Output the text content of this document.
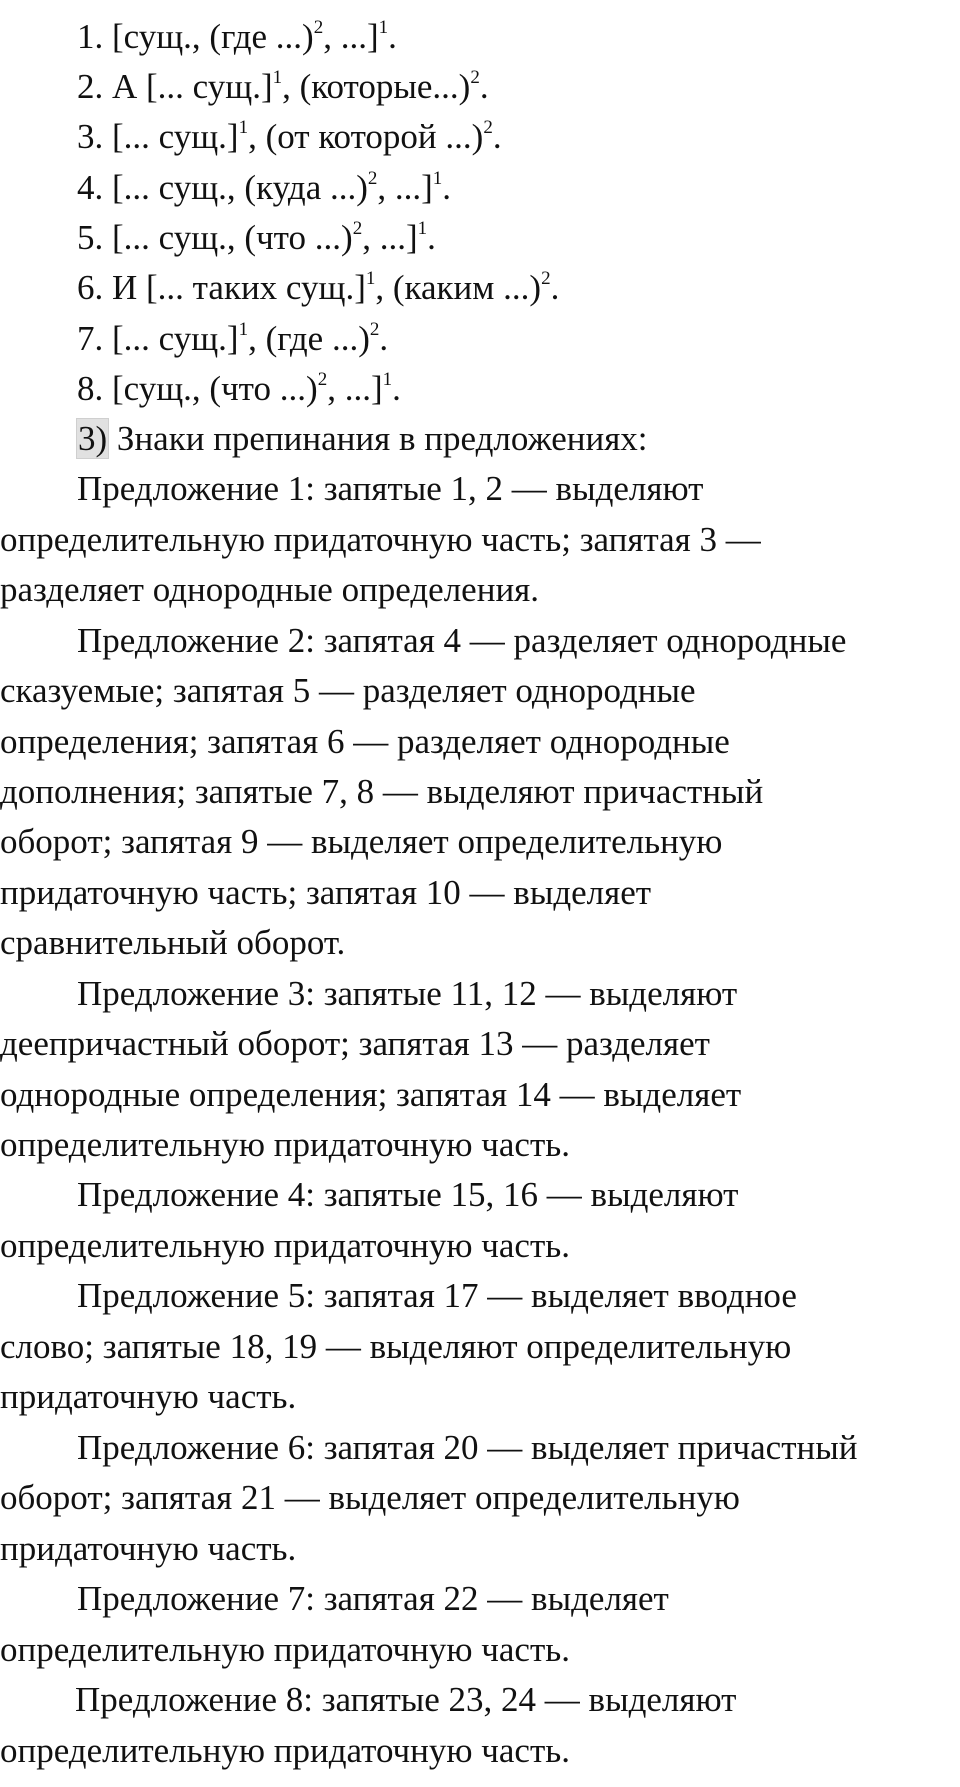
1. [сущ., (где ...)$^2$, ...]$^1$.
2. А [... сущ.]$^1$, (которые...)$^2$.
3. [... сущ.]$^1$, (от которой ...)$^2$.
4. [... сущ., (куда ...)$^2$, ...]$^1$.
5. [... сущ., (что ...)$^2$, ...]$^1$.
6. И [... таких сущ.]$^1$, (каким ...)$^2$.
7. [... сущ.]$^1$, (где ...)$^2$.
8. [сущ., (что ...)$^2$, ...]$^1$.
3) Знаки препинания в предложениях:
Предложение 1: запятые 1, 2 — выделяют
определительную придаточную часть; запятая 3 —
разделяет однородные определения.
Предложение 2: запятая 4 — разделяет однородные
сказуемые; запятая 5 — разделяет однородные
определения; запятая 6 — разделяет однородные
дополнения; запятые 7, 8 — выделяют причастный
оборот; запятая 9 — выделяет определительную
придаточную часть; запятая 10 — выделяет
сравнительный оборот.
Предложение 3: запятые 11, 12 — выделяют
деепричастный оборот; запятая 13 — разделяет
однородные определения; запятая 14 — выделяет
определительную придаточную часть.
Предложение 4: запятые 15, 16 — выделяют
определительную придаточную часть.
Предложение 5: запятая 17 — выделяет вводное
слово; запятые 18, 19 — выделяют определительную
придаточную часть.
Предложение 6: запятая 20 — выделяет причастный
оборот; запятая 21 — выделяет определительную
придаточную часть.
Предложение 7: запятая 22 — выделяет
определительную придаточную часть.
Предложение 8: запятые 23, 24 — выделяют
определительную придаточную часть.
